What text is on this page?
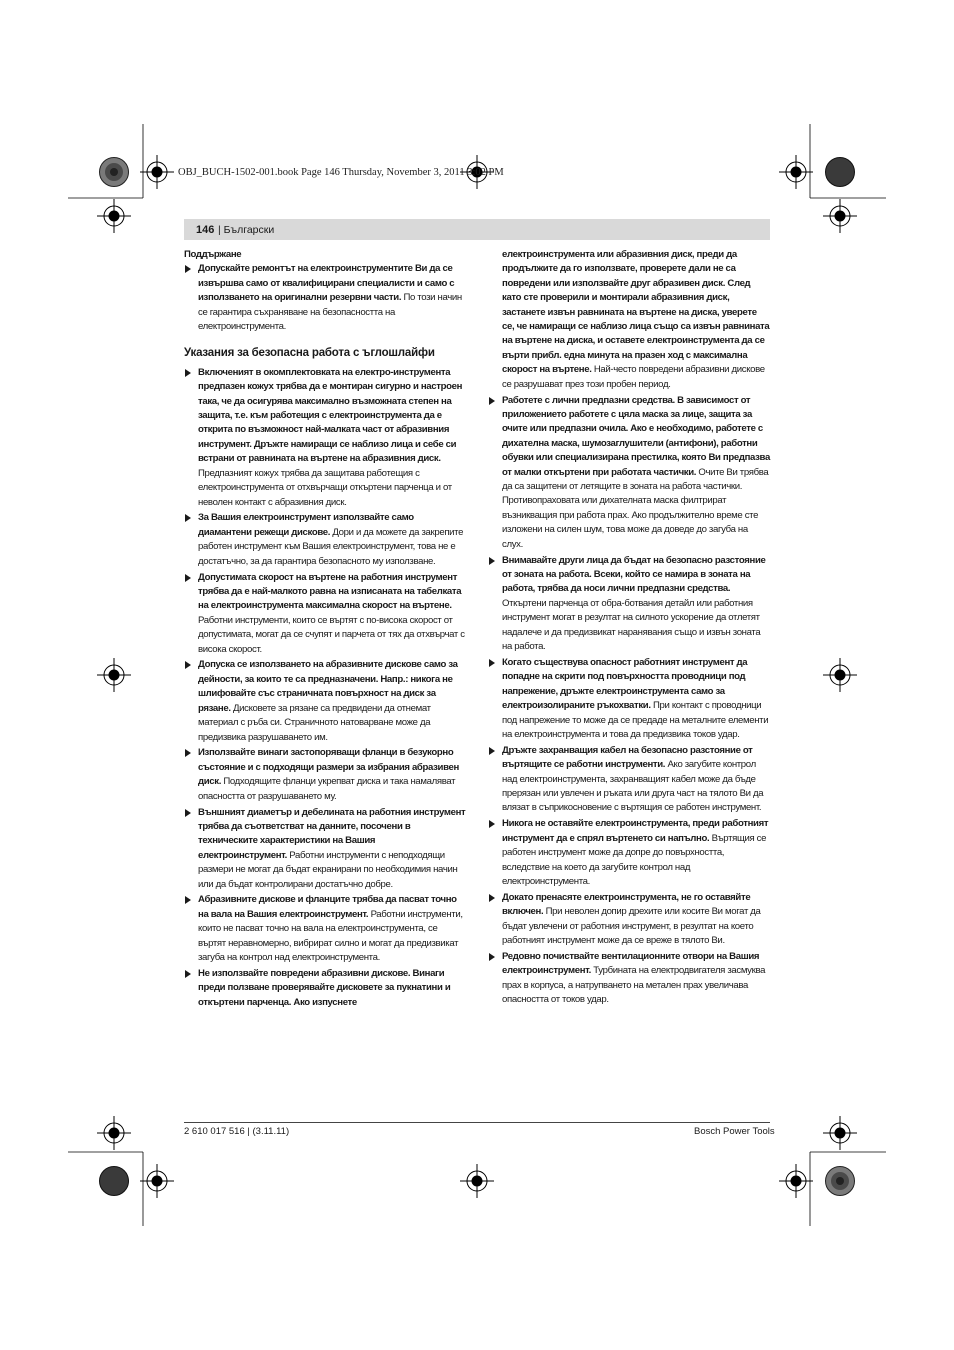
OBJ_BUCH-1502-001.book Page 146 Thursday, November 3, 2011 3:02 PM
146 | Български
Поддържане
Допускайте ремонтът на електроинструментите Ви да се извършва само от квалифицирани специалисти и само с използването на оригинални резервни части. По този начин се гарантира съхраняване на безопасността на електроинструмента.
Указания за безопасна работа с ъглошлайфи
Включеният в окомплектовката на електро-инструмента предпазен кожух трябва да е монтиран сигурно и настроен така, че да осигурява максимално възможната степен на защита, т.е. към работещия с електроинструмента да е открита по възможност най-малката част от абразивния инструмент. Дръжте намиращи се наблизо лица и себе си встрани от равнината на въртене на абразивния диск. Предпазният кожух трябва да защитава работещия с електроинструмента от отхвърчащи откъртени парченца и от неволен контакт с абразивния диск.
За Вашия електроинструмент използвайте само диамантени режещи дискове. Дори и да можете да закрепите работен инструмент към Вашия електроинструмент, това не е достатъчно, за да гарантира безопасното му използване.
Допустимата скорост на въртене на работния инструмент трябва да е най-малкото равна на изписаната на табелката на електроинструмента максимална скорост на въртене. Работни инструменти, които се въртят с по-висока скорост от допустимата, могат да се счупят и парчета от тях да отхвърчат с висока скорост.
Допуска се използването на абразивните дискове само за дейности, за които те са предназначени. Напр.: никога не шлифовайте със страничната повърхност на диск за рязане. Дисковете за рязане са предвидени да отнемат материал с ръба си. Страничното натоварване може да предизвика разрушаването им.
Използвайте винаги застопоряващи фланци в безукорно състояние и с подходящи размери за избрания абразивен диск. Подходящите фланци укрепват диска и така намаляват опасността от разрушаването му.
Външният диаметър и дебелината на работния инструмент трябва да съответстват на данните, посочени в техническите характеристики на Вашия електроинструмент. Работни инструменти с неподходящи размери не могат да бъдат екранирани по необходимия начин или да бъдат контролирани достатъчно добре.
Абразивните дискове и фланците трябва да пасват точно на вала на Вашия електроинструмент. Работни инструменти, които не пасват точно на вала на електроинструмента, се въртят неравномерно, вибрират силно и могат да предизвикат загуба на контрол над електроинструмента.
Не използвайте повредени абразивни дискове. Винаги преди ползване проверявайте дисковете за пукнатини и откъртени парченца. Ако изпуснете
електроинструмента или абразивния диск, преди да продължите да го използвате, проверете дали не са повредени или използвайте друг абразивен диск. След като сте проверили и монтирали абразивния диск, застанете извън равнината на въртене на диска, уверете се, че намиращи се наблизо лица също са извън равнината на въртене на диска, и оставете електроинструмента да се върти прибл. една минута на празен ход с максимална скорост на въртене. Най-често повредени абразивни дискове се разрушават през този пробен период.
Работете с лични предпазни средства. В зависимост от приложението работете с цяла маска за лице, защита за очите или предпазни очила. Ако е необходимо, работете с дихателна маска, шумозаглушители (антифони), работни обувки или специализирана престилка, която Ви предпазва от малки откъртени при работата частички. Очите Ви трябва да са защитени от летящите в зоната на работа частички. Противопраховата или дихателната маска филтрират възникващия при работа прах. Ако продължително време сте изложени на силен шум, това може да доведе до загуба на слух.
Внимавайте други лица да бъдат на безопасно разстояние от зоната на работа. Всеки, който се намира в зоната на работа, трябва да носи лични предпазни средства. Откъртени парченца от обра-ботвания детайл или работния инструмент могат в резултат на силното ускорение да отлетят надалече и да предизвикат наранявания също и извън зоната на работа.
Когато съществува опасност работният инструмент да попадне на скрити под повърхността проводници под напрежение, дръжте електроинструмента само за електроизолираните ръкохватки. При контакт с проводници под напрежение то може да се предаде на металните елементи на електроинструмента и това да предизвика токов удар.
Дръжте захранващия кабел на безопасно разстояние от въртящите се работни инструменти. Ако загубите контрол над електроинструмента, захранващият кабел може да бъде прерязан или увлечен и ръката или друга част на тялото Ви да влязат в съприкосновение с въртящия се работен инструмент.
Никога не оставяйте електроинструмента, преди работният инструмент да е спрял въртенето си напълно. Въртящия се работен инструмент може да допре до повърхността, вследствие на което да загубите контрол над електроинструмента.
Докато пренасяте електроинструмента, не го оставяйте включен. При неволен допир дрехите или косите Ви могат да бъдат увлечени от работния инструмент, в резултат на което работният инструмент може да се вреже в тялото Ви.
Редовно почиствайте вентилационните отвори на Вашия електроинструмент. Турбината на електродвигателя засмуква прах в корпуса, а натрупването на метален прах увеличава опасността от токов удар.
2 610 017 516 | (3.11.11)	Bosch Power Tools
